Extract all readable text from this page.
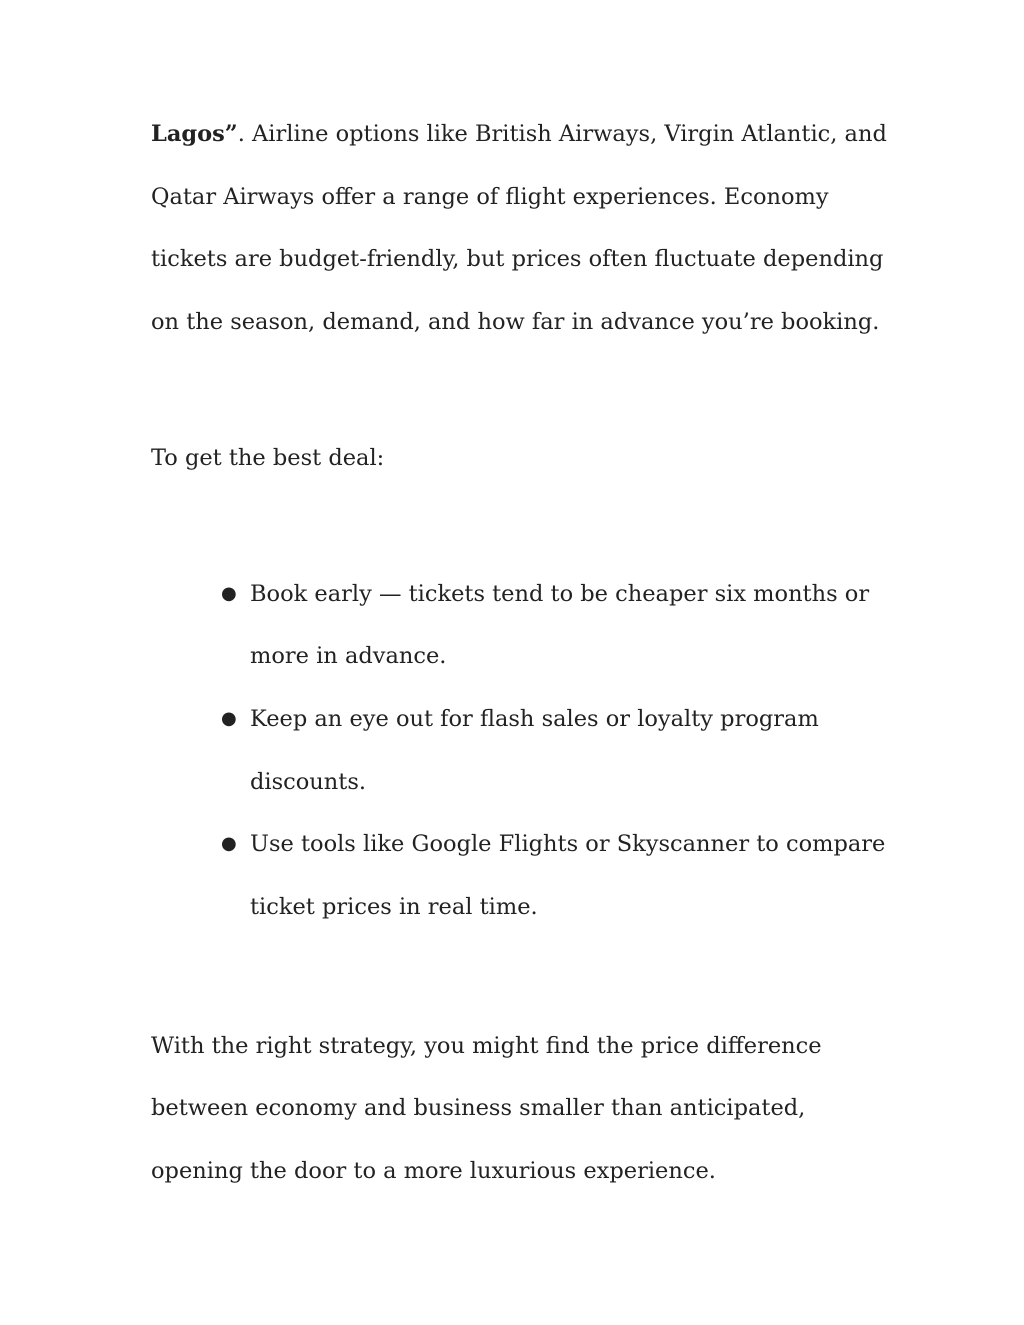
Lagos”. Airline options like British Airways, Virgin Atlantic, and
Qatar Airways offer a range of flight experiences. Economy
tickets are budget-friendly, but prices often fluctuate depending
on the season, demand, and how far in advance you’re booking.

To get the best deal:

● Book early — tickets tend to be cheaper six months or
more in advance.
● Keep an eye out for flash sales or loyalty program
discounts.
● Use tools like Google Flights or Skyscanner to compare
ticket prices in real time.

With the right strategy, you might find the price difference
between economy and business smaller than anticipated,
opening the door to a more luxurious experience.
